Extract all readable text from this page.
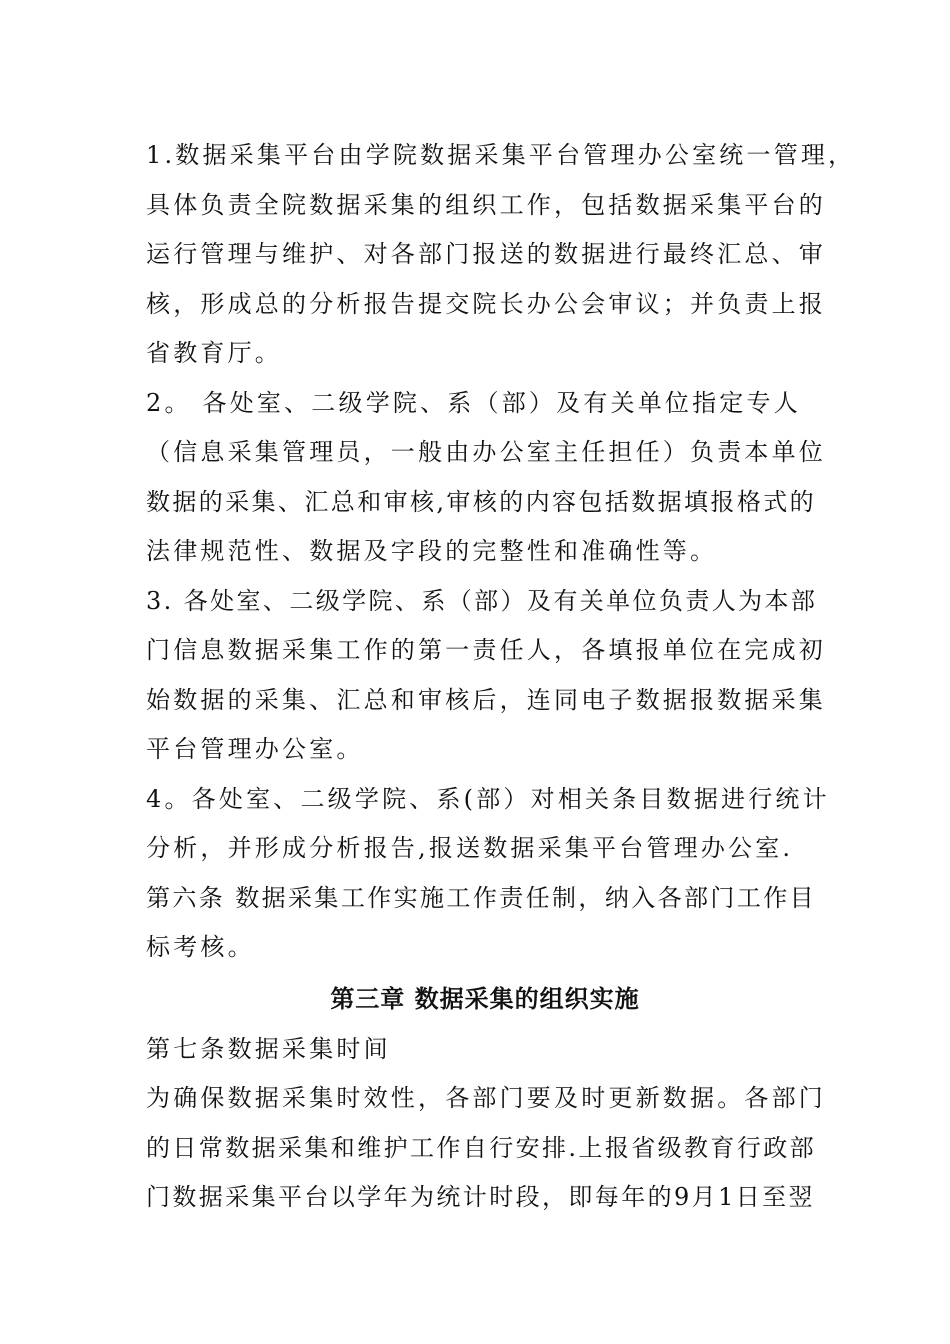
1.数据采集平台由学院数据采集平台管理办公室统一管理，
具体负责全院数据采集的组织工作，包括数据采集平台的
运行管理与维护、对各部门报送的数据进行最终汇总、审
核，形成总的分析报告提交院长办公会审议；并负责上报
省教育厅。
2。 各处室、二级学院、系（部）及有关单位指定专人
（信息采集管理员，一般由办公室主任担任）负责本单位
数据的采集、汇总和审核,审核的内容包括数据填报格式的
法律规范性、数据及字段的完整性和准确性等。
3. 各处室、二级学院、系（部）及有关单位负责人为本部
门信息数据采集工作的第一责任人，各填报单位在完成初
始数据的采集、汇总和审核后，连同电子数据报数据采集
平台管理办公室。
4。各处室、二级学院、系(部）对相关条目数据进行统计
分析，并形成分析报告,报送数据采集平台管理办公室.
第六条 数据采集工作实施工作责任制，纳入各部门工作目
标考核。
第三章 数据采集的组织实施
第七条数据采集时间
为确保数据采集时效性，各部门要及时更新数据。各部门
的日常数据采集和维护工作自行安排.上报省级教育行政部
门数据采集平台以学年为统计时段，即每年的9月1日至翌
